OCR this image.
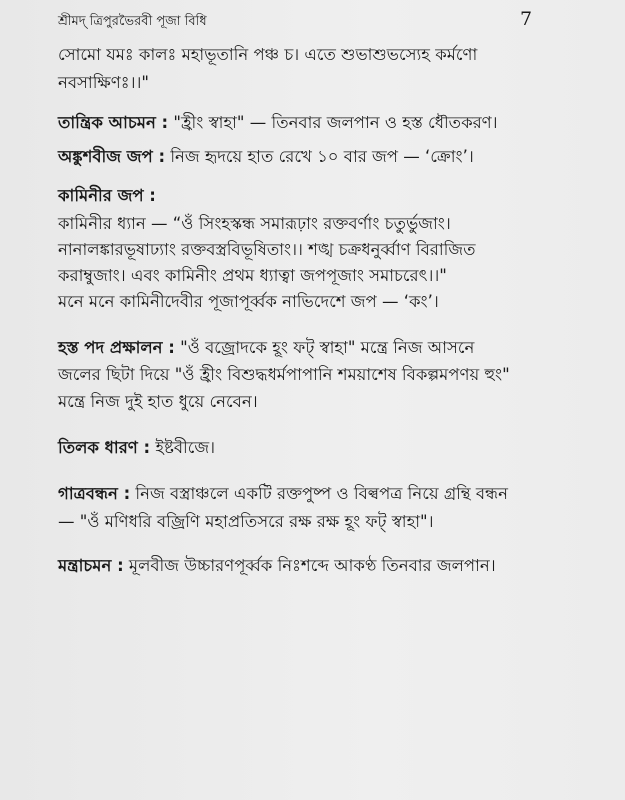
শ্রীমদ্ ত্রিপুরভৈরবী পূজা বিধি	7
সোমো যমঃ কালঃ মহাভূতানি পঞ্চ চ। এতে শুভাশুভস্যেহ কর্মণো
নবসাক্ষিণঃ।।"
তান্ত্রিক আচমন : "হ্রীং স্বাহা" — তিনবার জলপান ও হস্ত ধৌতকরণ।
অঙ্কুশবীজ জপ : নিজ হৃদয়ে হাত রেখে ১০ বার জপ — ‘ক্রোং’।
কামিনীর জপ :
কামিনীর ধ্যান — “ওঁ সিংহস্কন্ধ সমারূঢ়াং রক্তবর্ণাং চতুর্ভুজাং।
নানালঙ্কারভূষাঢ্যাং রক্তবস্ত্রবিভূষিতাং।। শঙ্খ চক্রধনুর্ব্বাণ বিরাজিত
করাম্বুজাং। এবং কামিনীং প্রথম ধ্যাত্বা জপপূজাং সমাচরেৎ।।"
মনে মনে কামিনীদেবীর পূজাপূর্ব্বক নাভিদেশে জপ — ‘কং’।
হস্ত পদ প্রক্ষালন : "ওঁ বজ্রোদকে হূং ফট্ স্বাহা" মন্ত্রে নিজ আসনে
জলের ছিটা দিয়ে "ওঁ হ্রীং বিশুদ্ধধর্মপাপানি শময়াশেষ বিকল্পমপণয় হুং"
মন্ত্রে নিজ দুই হাত ধুয়ে নেবেন।
তিলক ধারণ : ইষ্টবীজে।
গাত্রবন্ধন : নিজ বস্ত্রাঞ্চলে একটি রক্তপুষ্প ও বিল্বপত্র নিয়ে গ্রন্থি বন্ধন
— "ওঁ মণিধরি বজ্রিণি মহাপ্রতিসরে রক্ষ রক্ষ হূং ফট্ স্বাহা"।
মন্ত্রাচমন : মূলবীজ উচ্চারণপূর্ব্বক নিঃশব্দে আকণ্ঠ তিনবার জলপান।
